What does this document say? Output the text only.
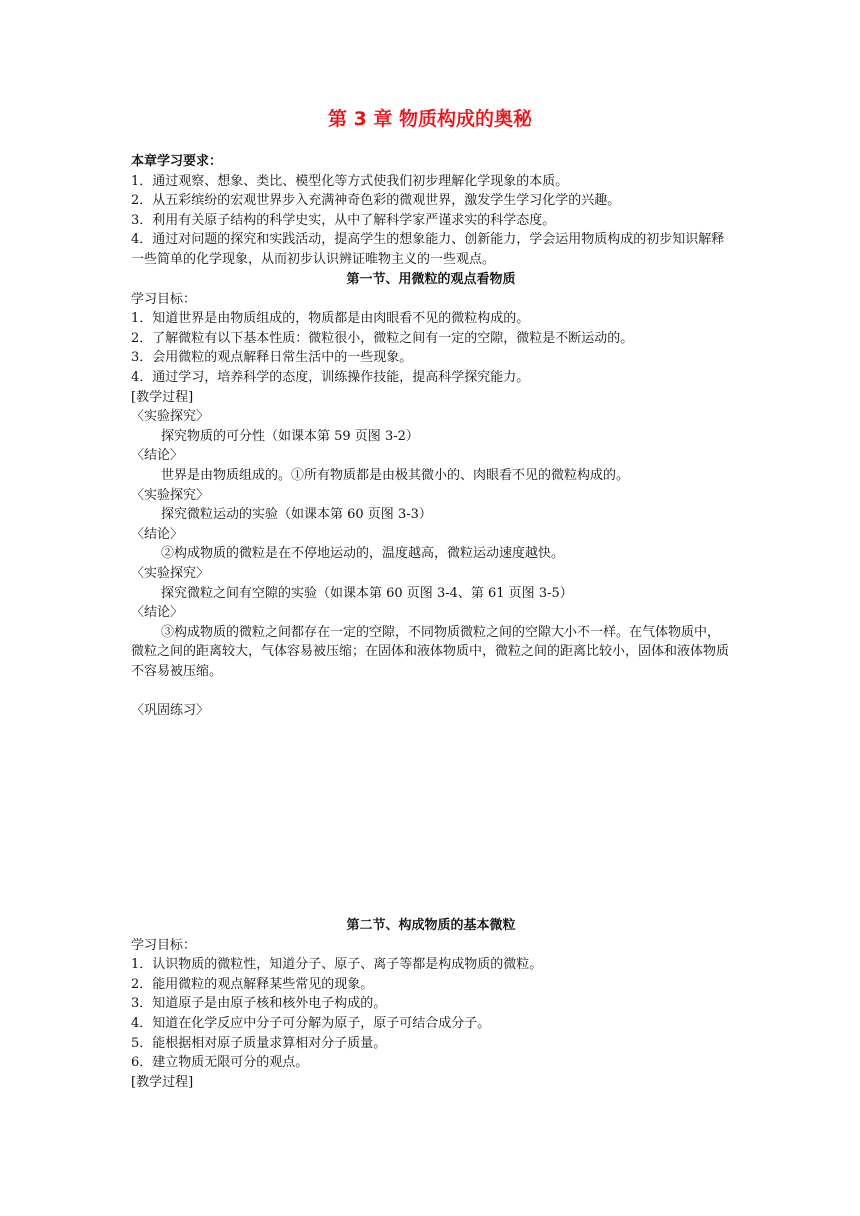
第 3 章 物质构成的奥秘
本章学习要求：
1．通过观察、想象、类比、模型化等方式使我们初步理解化学现象的本质。
2．从五彩缤纷的宏观世界步入充满神奇色彩的微观世界，激发学生学习化学的兴趣。
3．利用有关原子结构的科学史实，从中了解科学家严谨求实的科学态度。
4．通过对问题的探究和实践活动，提高学生的想象能力、创新能力，学会运用物质构成的初步知识解释一些简单的化学现象，从而初步认识辨证唯物主义的一些观点。
第一节、用微粒的观点看物质
学习目标：
1．知道世界是由物质组成的，物质都是由肉眼看不见的微粒构成的。
2．了解微粒有以下基本性质：微粒很小，微粒之间有一定的空隙，微粒是不断运动的。
3．会用微粒的观点解释日常生活中的一些现象。
4．通过学习，培养科学的态度，训练操作技能，提高科学探究能力。
[教学过程]
〈实验探究〉
探究物质的可分性（如课本第 59 页图 3-2）
〈结论〉
世界是由物质组成的。①所有物质都是由极其微小的、肉眼看不见的微粒构成的。
〈实验探究〉
探究微粒运动的实验（如课本第 60 页图 3-3）
〈结论〉
②构成物质的微粒是在不停地运动的，温度越高，微粒运动速度越快。
〈实验探究〉
探究微粒之间有空隙的实验（如课本第 60 页图 3-4、第 61 页图 3-5）
〈结论〉
③构成物质的微粒之间都存在一定的空隙，不同物质微粒之间的空隙大小不一样。在气体物质中，微粒之间的距离较大，气体容易被压缩；在固体和液体物质中，微粒之间的距离比较小，固体和液体物质不容易被压缩。
〈巩固练习〉
第二节、构成物质的基本微粒
学习目标：
1．认识物质的微粒性，知道分子、原子、离子等都是构成物质的微粒。
2．能用微粒的观点解释某些常见的现象。
3．知道原子是由原子核和核外电子构成的。
4．知道在化学反应中分子可分解为原子，原子可结合成分子。
5．能根据相对原子质量求算相对分子质量。
6．建立物质无限可分的观点。
[教学过程]
